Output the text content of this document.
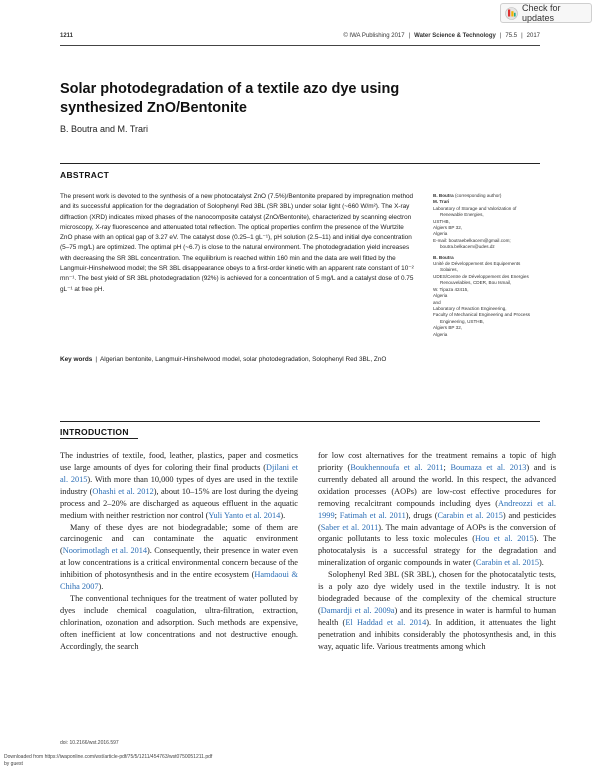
Check for updates
1211	© IWA Publishing 2017 | Water Science & Technology | 75.5 | 2017
Solar photodegradation of a textile azo dye using synthesized ZnO/Bentonite
B. Boutra and M. Trari
ABSTRACT
The present work is devoted to the synthesis of a new photocatalyst ZnO (7.5%)/Bentonite prepared by impregnation method and its successful application for the degradation of Solophenyl Red 3BL (SR 3BL) under solar light (~660 W/m²). The X-ray diffraction (XRD) indicates mixed phases of the nanocomposite catalyst (ZnO/Bentonite), characterized by scanning electron microscopy, X-ray fluorescence and attenuated total reflection. The optical properties confirm the presence of the Wurtzite ZnO phase with an optical gap of 3.27 eV. The catalyst dose (0.25–1 gL⁻¹), pH solution (2.5–11) and initial dye concentration (5–75 mg/L) are optimized. The optimal pH (~6.7) is close to the natural environment. The photodegradation yield increases with decreasing the SR 3BL concentration. The equilibrium is reached within 160 min and the data are well fitted by the Langmuir-Hinshelwood model; the SR 3BL disappearance obeys to a first-order kinetic with an apparent rate constant of 10⁻² mn⁻¹. The best yield of SR 3BL photodegradation (92%) is achieved for a concentration of 5 mg/L and a catalyst dose of 0.75 gL⁻¹ at free pH.
Key words | Algerian bentonite, Langmuir-Hinshelwood model, solar photodegradation, Solophenyl Red 3BL, ZnO
B. Boutra (corresponding author)
M. Trari
Laboratory of Storage and Valorization of
Renewable Energies,
USTHB,
Algiers BP 32,
Algeria
E-mail: boutraebelkacem@gmail.com;
boutra.belkacem@udes.dz
B. Boutra
Unité de Développement des Equipements
Solaires,
UDES/Centre de Développement des Energies
Renouvelables, CDER, Bou Ismail,
W. Tipaza 42415,
Algeria
and
Laboratory of Reaction Engineering,
Faculty of Mechanical Engineering and Process
Engineering, USTHB,
Algiers BP 32,
Algeria
INTRODUCTION

The industries of textile, food, leather, plastics, paper and cosmetics use large amounts of dyes for coloring their final products (Djilani et al. 2015). With more than 10,000 types of dyes are used in the textile industry (Ohashi et al. 2012), about 10–15% are lost during the dyeing process and 2–20% are discharged as aqueous effluent in the aquatic medium with neither restriction nor control (Yuli Yanto et al. 2014).

Many of these dyes are not biodegradable; some of them are carcinogenic and can contaminate the aquatic environment (Noorimotlagh et al. 2014). Consequently, their presence in water even at low concentrations is a critical environmental concern because of the inhibition of photosynthesis and in the entire ecosystem (Hamdaoui & Chiha 2007).

The conventional techniques for the treatment of water polluted by dyes include chemical coagulation, ultra-filtration, extraction, chlorination, ozonation and adsorption. Such methods are expensive, often inefficient at low concentrations and not destructive enough. Accordingly, the search

for low cost alternatives for the treatment remains a topic of high priority (Boukhennoufa et al. 2011; Boumaza et al. 2013) and is currently debated all around the world. In this respect, the advanced oxidation processes (AOPs) are low-cost effective procedures for removing recalcitrant compounds including dyes (Andreozzi et al. 1999; Fatimah et al. 2011), drugs (Carabin et al. 2015) and pesticides (Saber et al. 2011). The main advantage of AOPs is the conversion of organic pollutants to less toxic molecules (Hou et al. 2015). The photocatalysis is a successful strategy for the degradation and mineralization of organic compounds in water (Carabin et al. 2015).

Solophenyl Red 3BL (SR 3BL), chosen for the photocatalytic tests, is a poly azo dye widely used in the textile industry. It is not biodegraded because of the complexity of the chemical structure (Damardji et al. 2009a) and its presence in water is harmful to human health (El Haddad et al. 2014). In addition, it attenuates the light penetration and inhibits considerably the photosynthesis and, in this way, aquatic life. Various treatments among which

doi: 10.2166/wst.2016.597
Downloaded from https://iwaponline.com/wst/article-pdf/75/5/1211/454763/wst0750051211.pdf
by guest
